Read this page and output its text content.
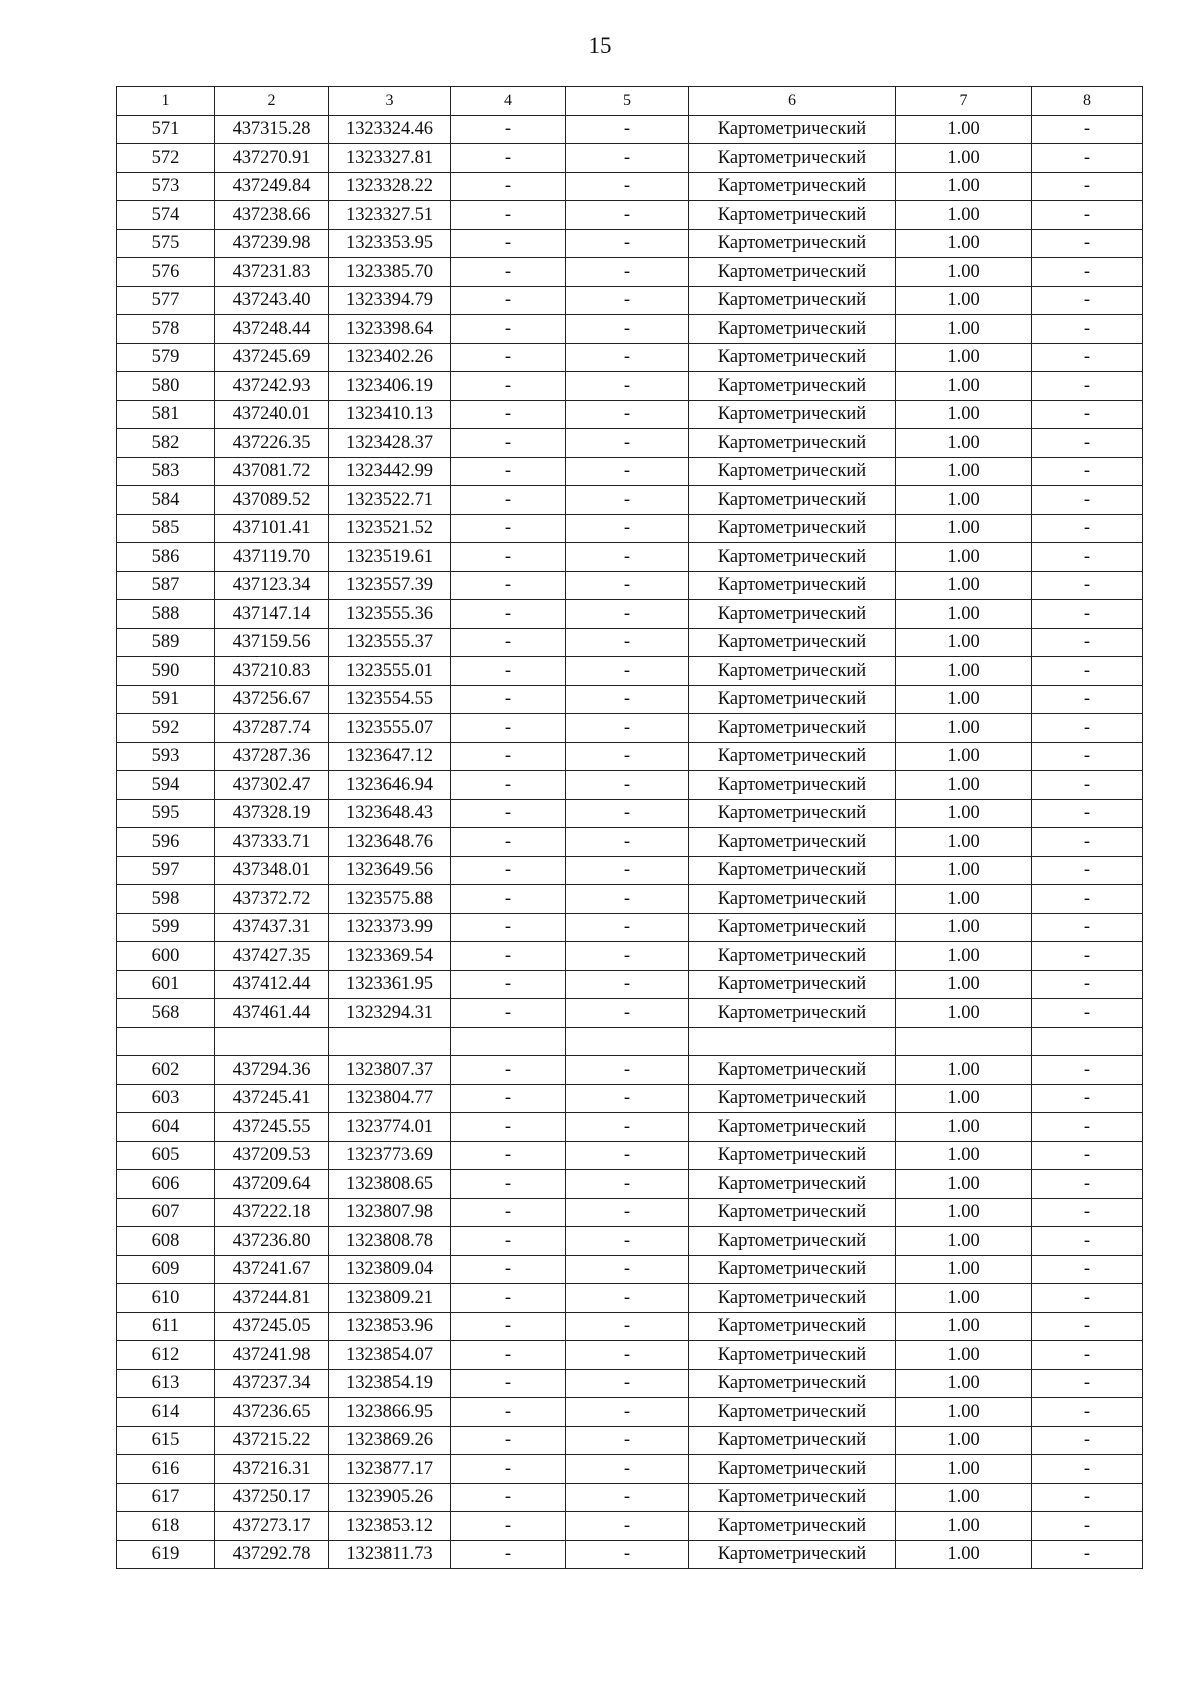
15
1	2	3	4	5	6	7	8
571	437315.28	1323324.46	-	-	Картометрический	1.00	-
572	437270.91	1323327.81	-	-	Картометрический	1.00	-
573	437249.84	1323328.22	-	-	Картометрический	1.00	-
574	437238.66	1323327.51	-	-	Картометрический	1.00	-
575	437239.98	1323353.95	-	-	Картометрический	1.00	-
576	437231.83	1323385.70	-	-	Картометрический	1.00	-
577	437243.40	1323394.79	-	-	Картометрический	1.00	-
578	437248.44	1323398.64	-	-	Картометрический	1.00	-
579	437245.69	1323402.26	-	-	Картометрический	1.00	-
580	437242.93	1323406.19	-	-	Картометрический	1.00	-
581	437240.01	1323410.13	-	-	Картометрический	1.00	-
582	437226.35	1323428.37	-	-	Картометрический	1.00	-
583	437081.72	1323442.99	-	-	Картометрический	1.00	-
584	437089.52	1323522.71	-	-	Картометрический	1.00	-
585	437101.41	1323521.52	-	-	Картометрический	1.00	-
586	437119.70	1323519.61	-	-	Картометрический	1.00	-
587	437123.34	1323557.39	-	-	Картометрический	1.00	-
588	437147.14	1323555.36	-	-	Картометрический	1.00	-
589	437159.56	1323555.37	-	-	Картометрический	1.00	-
590	437210.83	1323555.01	-	-	Картометрический	1.00	-
591	437256.67	1323554.55	-	-	Картометрический	1.00	-
592	437287.74	1323555.07	-	-	Картометрический	1.00	-
593	437287.36	1323647.12	-	-	Картометрический	1.00	-
594	437302.47	1323646.94	-	-	Картометрический	1.00	-
595	437328.19	1323648.43	-	-	Картометрический	1.00	-
596	437333.71	1323648.76	-	-	Картометрический	1.00	-
597	437348.01	1323649.56	-	-	Картометрический	1.00	-
598	437372.72	1323575.88	-	-	Картометрический	1.00	-
599	437437.31	1323373.99	-	-	Картометрический	1.00	-
600	437427.35	1323369.54	-	-	Картометрический	1.00	-
601	437412.44	1323361.95	-	-	Картометрический	1.00	-
568	437461.44	1323294.31	-	-	Картометрический	1.00	-

602	437294.36	1323807.37	-	-	Картометрический	1.00	-
603	437245.41	1323804.77	-	-	Картометрический	1.00	-
604	437245.55	1323774.01	-	-	Картометрический	1.00	-
605	437209.53	1323773.69	-	-	Картометрический	1.00	-
606	437209.64	1323808.65	-	-	Картометрический	1.00	-
607	437222.18	1323807.98	-	-	Картометрический	1.00	-
608	437236.80	1323808.78	-	-	Картометрический	1.00	-
609	437241.67	1323809.04	-	-	Картометрический	1.00	-
610	437244.81	1323809.21	-	-	Картометрический	1.00	-
611	437245.05	1323853.96	-	-	Картометрический	1.00	-
612	437241.98	1323854.07	-	-	Картометрический	1.00	-
613	437237.34	1323854.19	-	-	Картометрический	1.00	-
614	437236.65	1323866.95	-	-	Картометрический	1.00	-
615	437215.22	1323869.26	-	-	Картометрический	1.00	-
616	437216.31	1323877.17	-	-	Картометрический	1.00	-
617	437250.17	1323905.26	-	-	Картометрический	1.00	-
618	437273.17	1323853.12	-	-	Картометрический	1.00	-
619	437292.78	1323811.73	-	-	Картометрический	1.00	-
